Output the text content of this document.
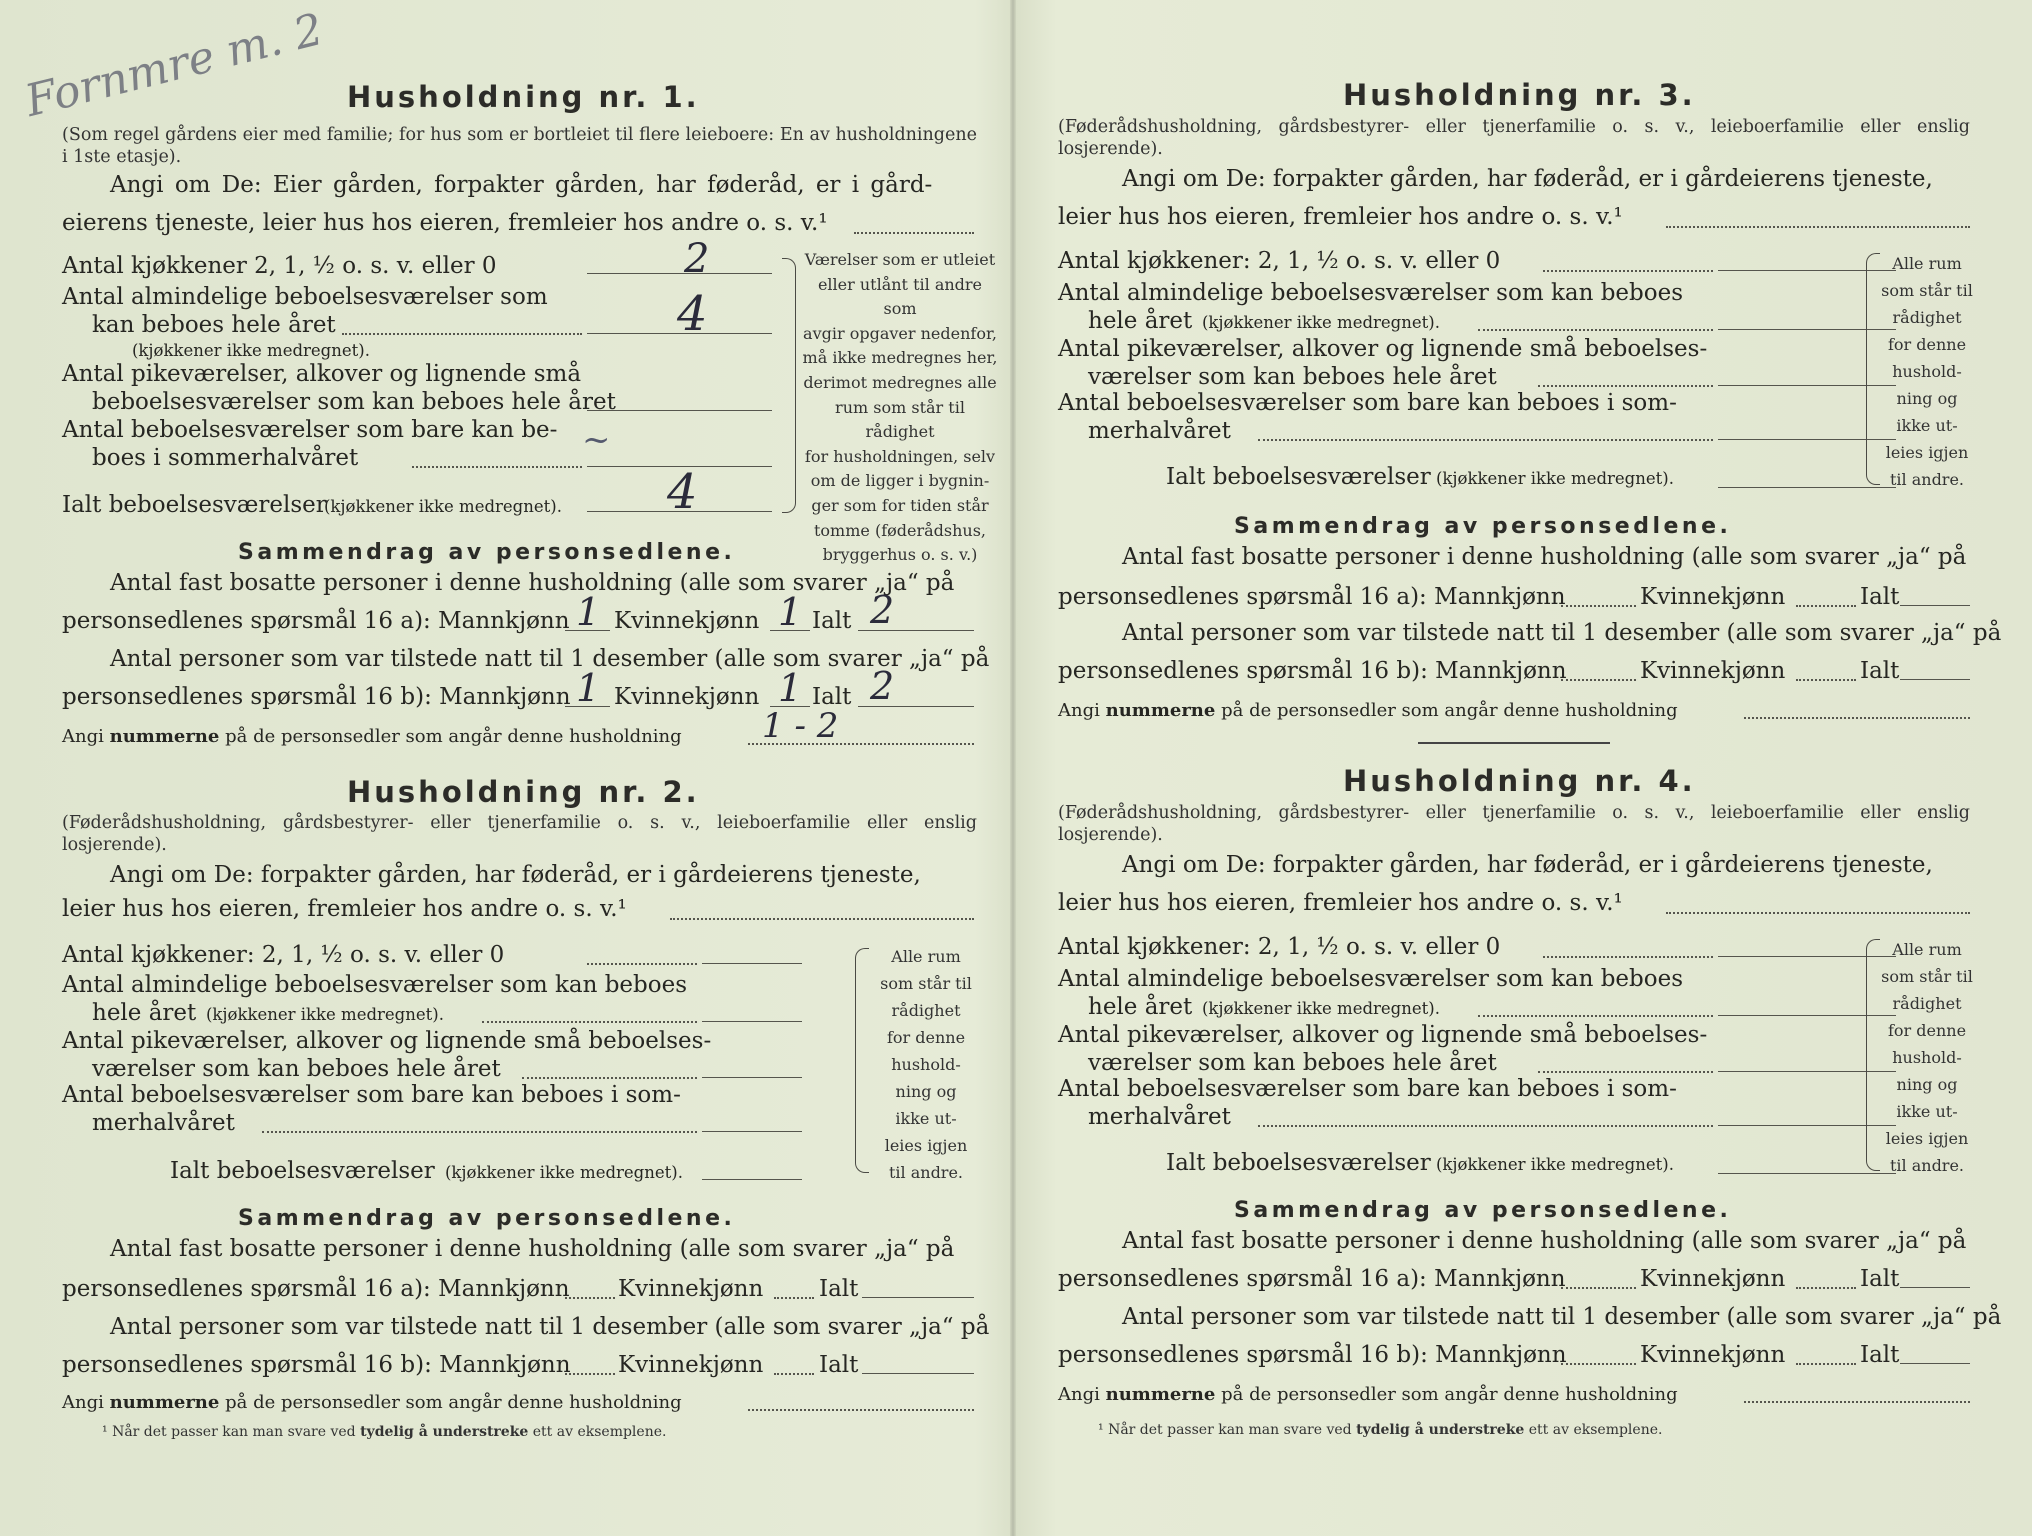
Fornmre m. 2 Husholdning nr. 1.
(Som regel gårdens eier med familie; for hus som er bortleiet til flere leieboere: En av husholdningene i 1ste etasje).
Angi om De: Eier gården, forpakter gården, har føderåd, er i gård-
eierens tjeneste, leier hus hos eieren, fremleier hos andre o. s. v.¹
Antal kjøkkener 2, 1, ½ o. s. v. eller 0	2
Antal almindelige beboelsesværelser som
kan beboes hele året	4
(kjøkkener ikke medregnet).
Antal pikeværelser, alkover og lignende små
beboelsesværelser som kan beboes hele året
Antal beboelsesværelser som bare kan be-
boes i sommerhalvåret	~
Ialt beboelsesværelser
(kjøkkener ikke medregnet). 4
Værelser som er utleiet
eller utlånt til andre som
avgir opgaver nedenfor,
må ikke medregnes her,
derimot medregnes alle
rum som står til rådighet
for husholdningen, selv
om de ligger i bygnin-
ger som for tiden står
tomme (føderådshus,
bryggerhus o. s. v.)
Sammendrag av personsedlene.
Antal fast bosatte personer i denne husholdning (alle som svarer „ja“ på
personsedlenes spørsmål 16 a): Mannkjønn 1 Kvinnekjønn 1 Ialt 2
Antal personer som var tilstede natt til 1 desember (alle som svarer „ja“ på
personsedlenes spørsmål 16 b): Mannkjønn 1 Kvinnekjønn 1 Ialt 2
Angi nummerne på de personsedler som angår denne husholdning 1 - 2
Husholdning nr. 2.
(Føderådshusholdning, gårdsbestyrer- eller tjenerfamilie o. s. v., leieboerfamilie eller enslig losjerende).
Angi om De: forpakter gården, har føderåd, er i gårdeierens tjeneste,
leier hus hos eieren, fremleier hos andre o. s. v.¹
Antal kjøkkener: 2, 1, ½ o. s. v. eller 0
Antal almindelige beboelsesværelser som kan beboes
hele året (kjøkkener ikke medregnet).
Antal pikeværelser, alkover og lignende små beboelses-
værelser som kan beboes hele året
Antal beboelsesværelser som bare kan beboes i som-
merhalvåret
Ialt beboelsesværelser (kjøkkener ikke medregnet).
Alle rum
som står til
rådighet
for denne
hushold-
ning og
ikke ut-
leies igjen
til andre.
Sammendrag av personsedlene.
Antal fast bosatte personer i denne husholdning (alle som svarer „ja“ på
personsedlenes spørsmål 16 a): Mannkjønn Kvinnekjønn Ialt
Antal personer som var tilstede natt til 1 desember (alle som svarer „ja“ på
personsedlenes spørsmål 16 b): Mannkjønn Kvinnekjønn Ialt
Angi nummerne på de personsedler som angår denne husholdning
¹ Når det passer kan man svare ved tydelig å understreke ett av eksemplene.
Husholdning nr. 3.
(Føderådshusholdning, gårdsbestyrer- eller tjenerfamilie o. s. v., leieboerfamilie eller enslig losjerende).
Angi om De: forpakter gården, har føderåd, er i gårdeierens tjeneste,
leier hus hos eieren, fremleier hos andre o. s. v.¹
Antal kjøkkener: 2, 1, ½ o. s. v. eller 0
Antal almindelige beboelsesværelser som kan beboes
hele året (kjøkkener ikke medregnet).
Antal pikeværelser, alkover og lignende små beboelses-
værelser som kan beboes hele året
Antal beboelsesværelser som bare kan beboes i som-
merhalvåret
Ialt beboelsesværelser (kjøkkener ikke medregnet).
Alle rum
som står til
rådighet
for denne
hushold-
ning og
ikke ut-
leies igjen
til andre.
Sammendrag av personsedlene.
Antal fast bosatte personer i denne husholdning (alle som svarer „ja“ på
personsedlenes spørsmål 16 a): Mannkjønn	Kvinnekjønn	Ialt
Antal personer som var tilstede natt til 1 desember (alle som svarer „ja“ på
personsedlenes spørsmål 16 b): Mannkjønn	Kvinnekjønn	Ialt
Angi nummerne på de personsedler som angår denne husholdning
Husholdning nr. 4.
(Føderådshusholdning, gårdsbestyrer- eller tjenerfamilie o. s. v., leieboerfamilie eller enslig losjerende).
Angi om De: forpakter gården, har føderåd, er i gårdeierens tjeneste,
leier hus hos eieren, fremleier hos andre o. s. v.¹
Antal kjøkkener: 2, 1, ½ o. s. v. eller 0
Antal almindelige beboelsesværelser som kan beboes
hele året (kjøkkener ikke medregnet).
Antal pikeværelser, alkover og lignende små beboelses-
værelser som kan beboes hele året
Antal beboelsesværelser som bare kan beboes i som-
merhalvåret
Ialt beboelsesværelser (kjøkkener ikke medregnet).
Alle rum
som står til
rådighet
for denne
hushold-
ning og
ikke ut-
leies igjen
til andre.
Sammendrag av personsedlene.
Antal fast bosatte personer i denne husholdning (alle som svarer „ja“ på
personsedlenes spørsmål 16 a): Mannkjønn	Kvinnekjønn	Ialt
Antal personer som var tilstede natt til 1 desember (alle som svarer „ja“ på
personsedlenes spørsmål 16 b): Mannkjønn	Kvinnekjønn	Ialt
Angi nummerne på de personsedler som angår denne husholdning
¹ Når det passer kan man svare ved tydelig å understreke ett av eksemplene.
